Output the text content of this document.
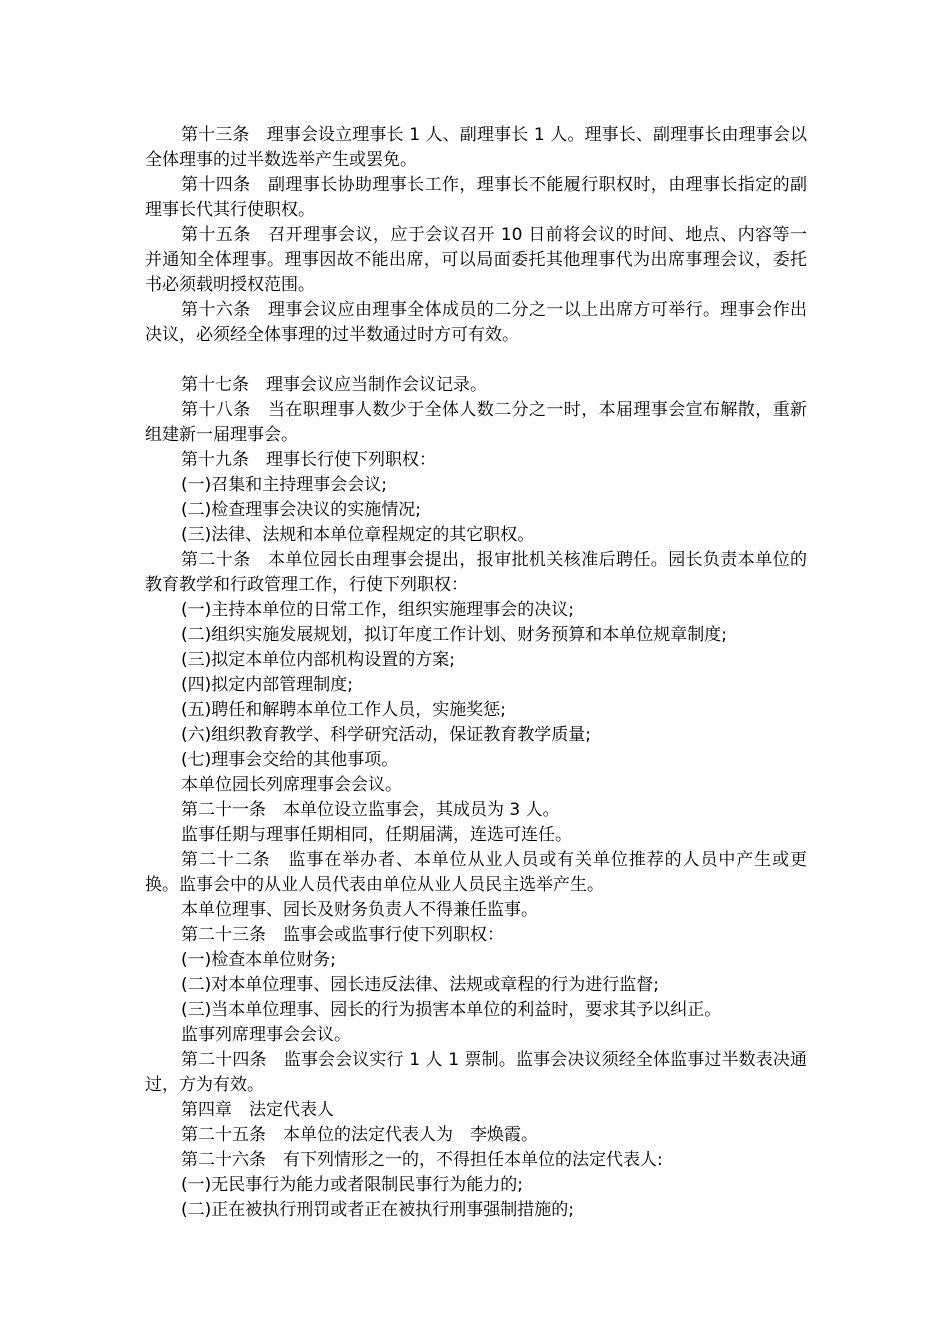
第十三条　理事会设立理事长 1 人、副理事长 1 人。理事长、副理事长由理事会以全体理事的过半数选举产生或罢免。

第十四条　副理事长协助理事长工作，理事长不能履行职权时，由理事长指定的副理事长代其行使职权。

第十五条　召开理事会议，应于会议召开 10 日前将会议的时间、地点、内容等一并通知全体理事。理事因故不能出席，可以局面委托其他理事代为出席事理会议，委托书必须载明授权范围。

第十六条　理事会议应由理事全体成员的二分之一以上出席方可举行。理事会作出决议，必须经全体事理的过半数通过时方可有效。

第十七条　理事会议应当制作会议记录。

第十八条　当在职理事人数少于全体人数二分之一时，本届理事会宣布解散，重新组建新一届理事会。

第十九条　理事长行使下列职权：

(一)召集和主持理事会会议;

(二)检查理事会决议的实施情况;

(三)法律、法规和本单位章程规定的其它职权。

第二十条　本单位园长由理事会提出，报审批机关核准后聘任。园长负责本单位的教育教学和行政管理工作，行使下列职权：

(一)主持本单位的日常工作，组织实施理事会的决议;

(二)组织实施发展规划，拟订年度工作计划、财务预算和本单位规章制度;

(三)拟定本单位内部机构设置的方案;

(四)拟定内部管理制度;

(五)聘任和解聘本单位工作人员，实施奖惩;

(六)组织教育教学、科学研究活动，保证教育教学质量;

(七)理事会交给的其他事项。

本单位园长列席理事会会议。

第二十一条　本单位设立监事会，其成员为 3 人。

监事任期与理事任期相同，任期届满，连选可连任。

第二十二条　监事在举办者、本单位从业人员或有关单位推荐的人员中产生或更换。监事会中的从业人员代表由单位从业人员民主选举产生。

本单位理事、园长及财务负责人不得兼任监事。

第二十三条　监事会或监事行使下列职权：

(一)检查本单位财务;

(二)对本单位理事、园长违反法律、法规或章程的行为进行监督;

(三)当本单位理事、园长的行为损害本单位的利益时，要求其予以纠正。

监事列席理事会会议。

第二十四条　监事会会议实行 1 人 1 票制。监事会决议须经全体监事过半数表决通过，方为有效。

第四章　法定代表人

第二十五条　本单位的法定代表人为　李焕霞。

第二十六条　有下列情形之一的，不得担任本单位的法定代表人:

(一)无民事行为能力或者限制民事行为能力的;

(二)正在被执行刑罚或者正在被执行刑事强制措施的;
